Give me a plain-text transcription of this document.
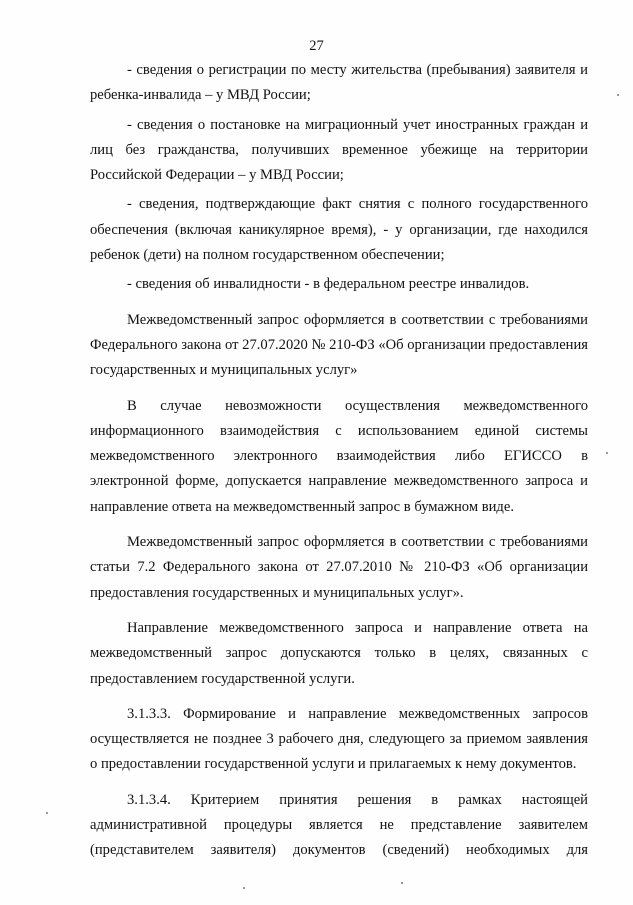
27

- сведения о регистрации по месту жительства (пребывания) заявителя и ребенка-инвалида – у МВД России;

- сведения о постановке на миграционный учет иностранных граждан и лиц без гражданства, получивших временное убежище на территории Российской Федерации – у МВД России;

- сведения, подтверждающие факт снятия с полного государственного обеспечения (включая каникулярное время), - у организации, где находился ребенок (дети) на полном государственном обеспечении;

- сведения об инвалидности - в федеральном реестре инвалидов.

Межведомственный запрос оформляется в соответствии с требованиями Федерального закона от 27.07.2020 № 210-ФЗ «Об организации предоставления государственных и муниципальных услуг»

В случае невозможности осуществления межведомственного информационного взаимодействия с использованием единой системы межведомственного электронного взаимодействия либо ЕГИССО в электронной форме, допускается направление межведомственного запроса и направление ответа на межведомственный запрос в бумажном виде.

Межведомственный запрос оформляется в соответствии с требованиями статьи 7.2 Федерального закона от 27.07.2010 № 210-ФЗ «Об организации предоставления государственных и муниципальных услуг».

Направление межведомственного запроса и направление ответа на межведомственный запрос допускаются только в целях, связанных с предоставлением государственной услуги.

3.1.3.3. Формирование и направление межведомственных запросов осуществляется не позднее 3 рабочего дня, следующего за приемом заявления о предоставлении государственной услуги и прилагаемых к нему документов.

3.1.3.4. Критерием принятия решения в рамках настоящей административной процедуры является не представление заявителем (представителем заявителя) документов (сведений) необходимых для
